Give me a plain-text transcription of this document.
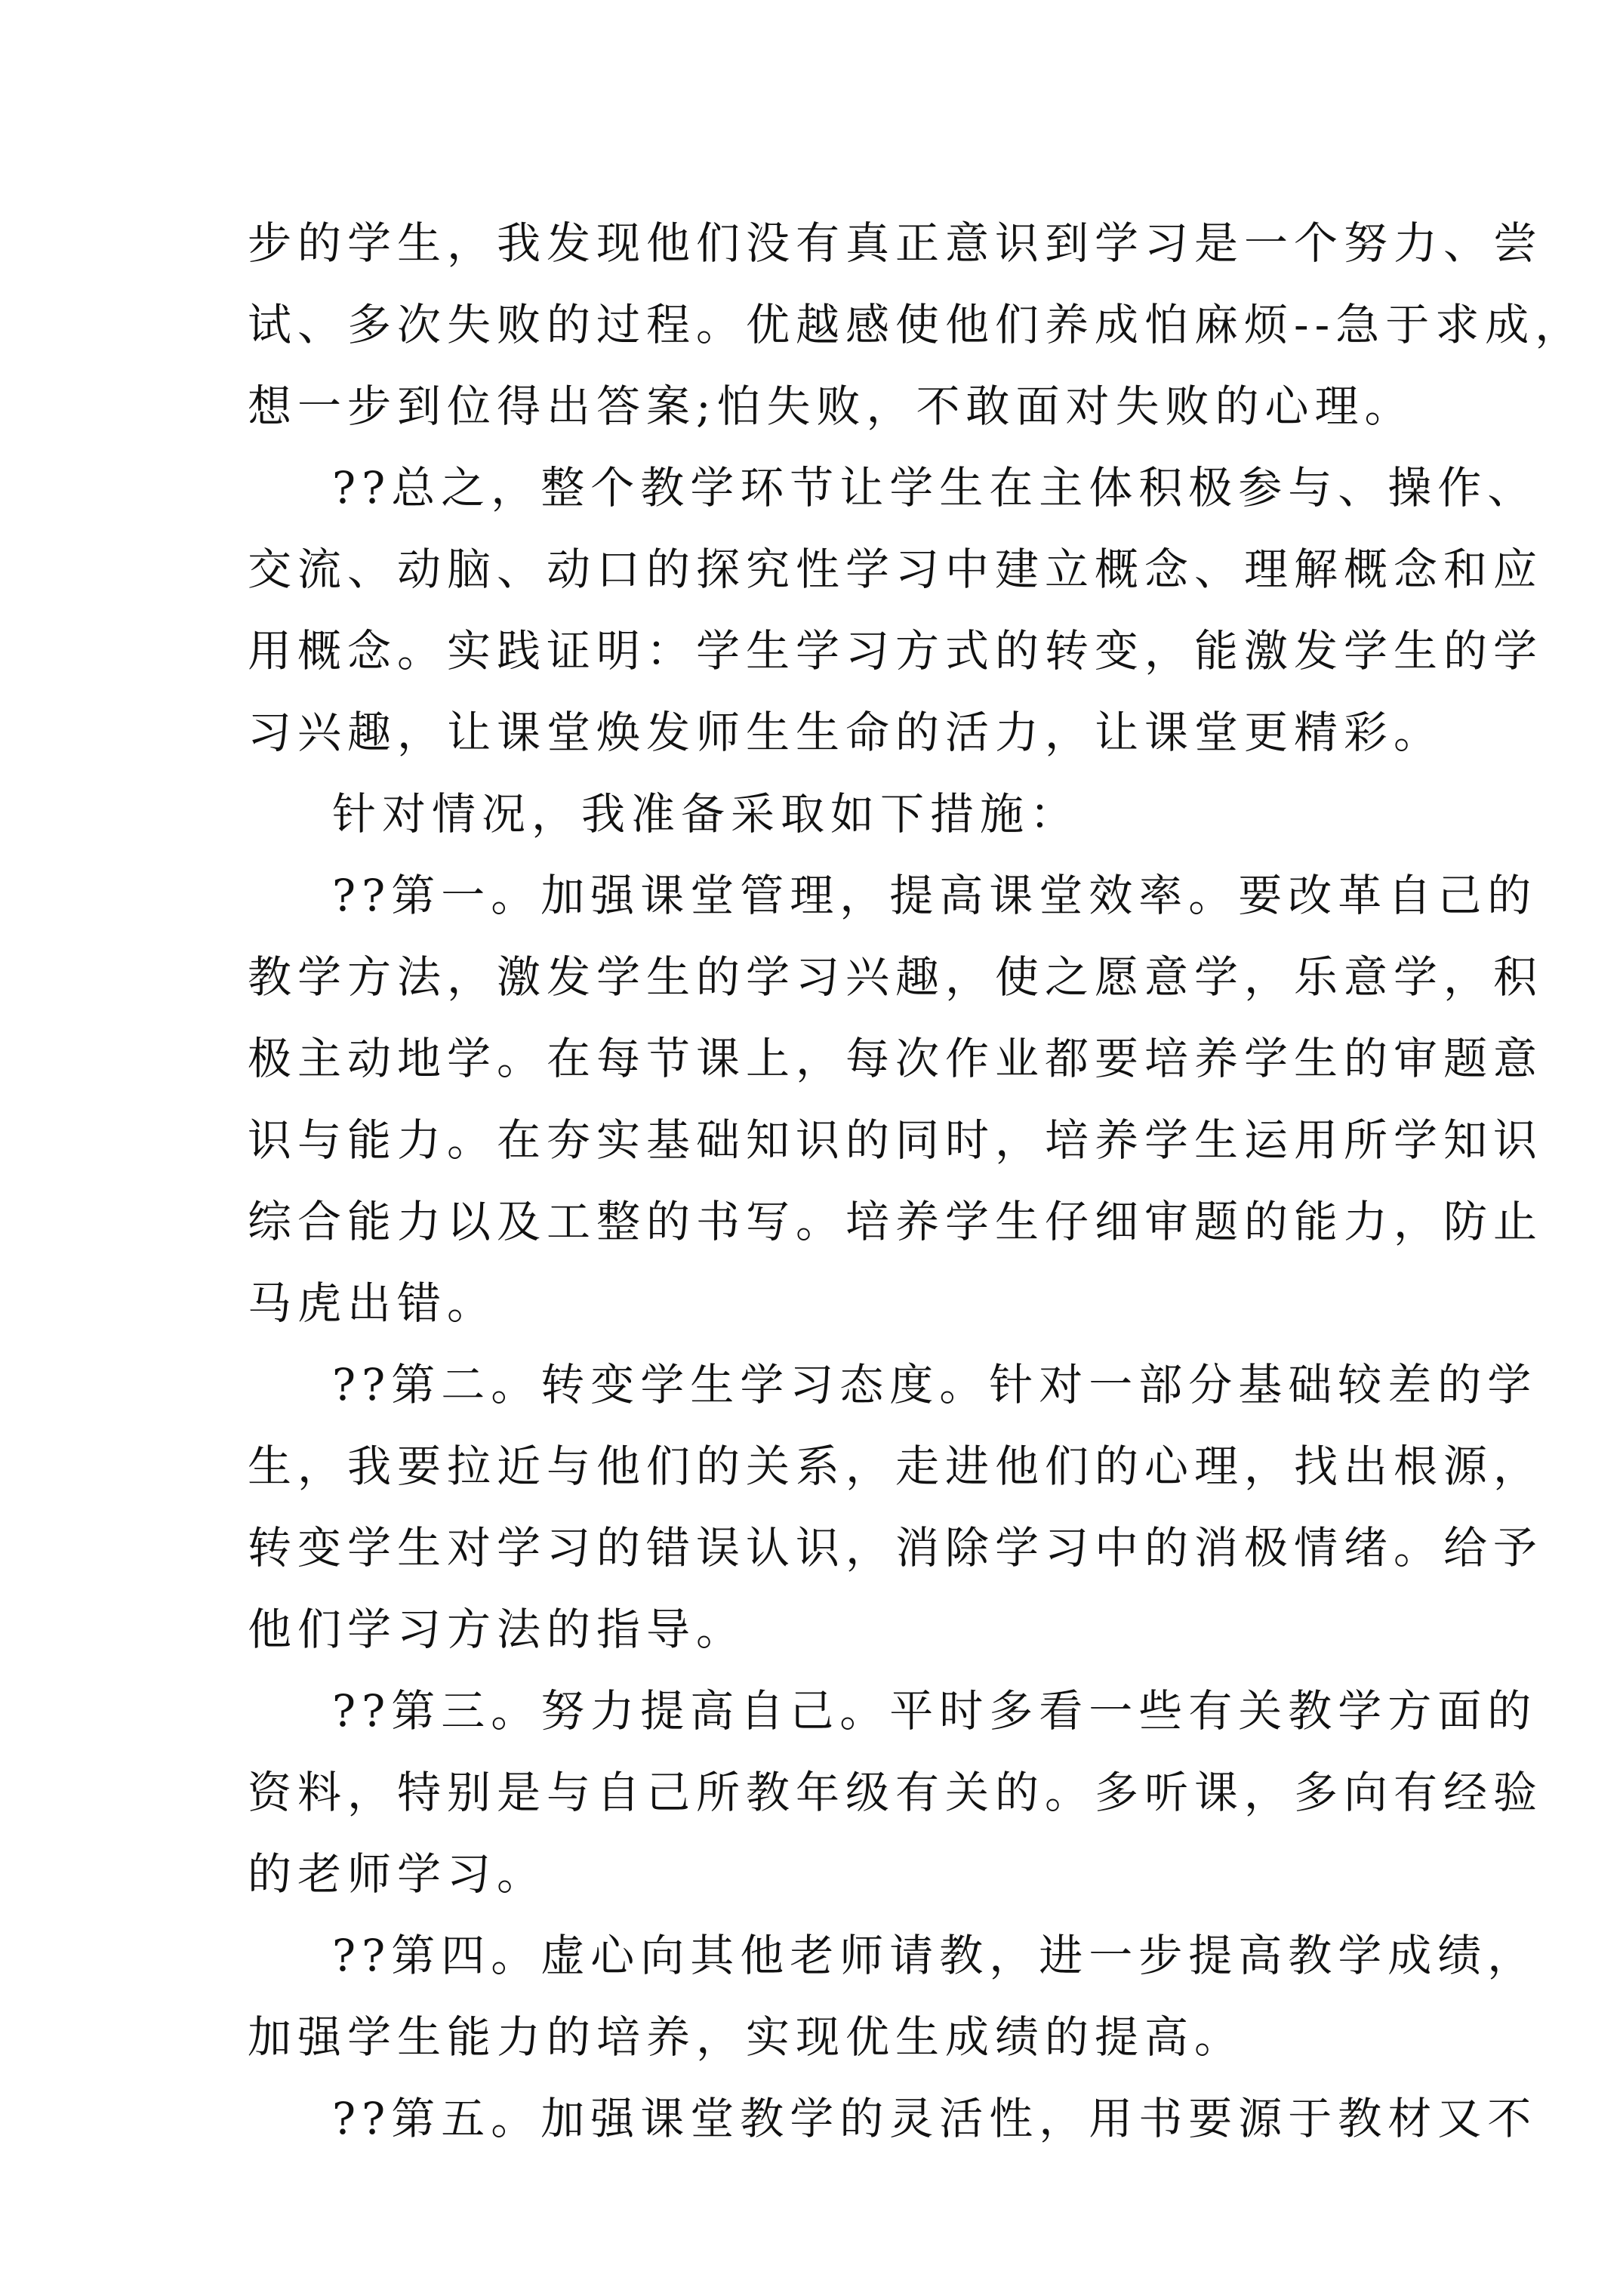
步的学生，我发现他们没有真正意识到学习是一个努力、尝
试、多次失败的过程。优越感使他们养成怕麻烦--急于求成，
想一步到位得出答案;怕失败，不敢面对失败的心理。
??总之，整个教学环节让学生在主体积极参与、操作、
交流、动脑、动口的探究性学习中建立概念、理解概念和应
用概念。实践证明：学生学习方式的转变，能激发学生的学
习兴趣，让课堂焕发师生生命的活力，让课堂更精彩。
针对情况，我准备采取如下措施：
??第一。加强课堂管理，提高课堂效率。要改革自己的
教学方法，激发学生的学习兴趣，使之愿意学，乐意学，积
极主动地学。在每节课上，每次作业都要培养学生的审题意
识与能力。在夯实基础知识的同时，培养学生运用所学知识
综合能力以及工整的书写。培养学生仔细审题的能力，防止
马虎出错。
??第二。转变学生学习态度。针对一部分基础较差的学
生，我要拉近与他们的关系，走进他们的心理，找出根源，
转变学生对学习的错误认识，消除学习中的消极情绪。给予
他们学习方法的指导。
??第三。努力提高自己。平时多看一些有关教学方面的
资料，特别是与自己所教年级有关的。多听课，多向有经验
的老师学习。
??第四。虚心向其他老师请教，进一步提高教学成绩，
加强学生能力的培养，实现优生成绩的提高。
??第五。加强课堂教学的灵活性，用书要源于教材又不
